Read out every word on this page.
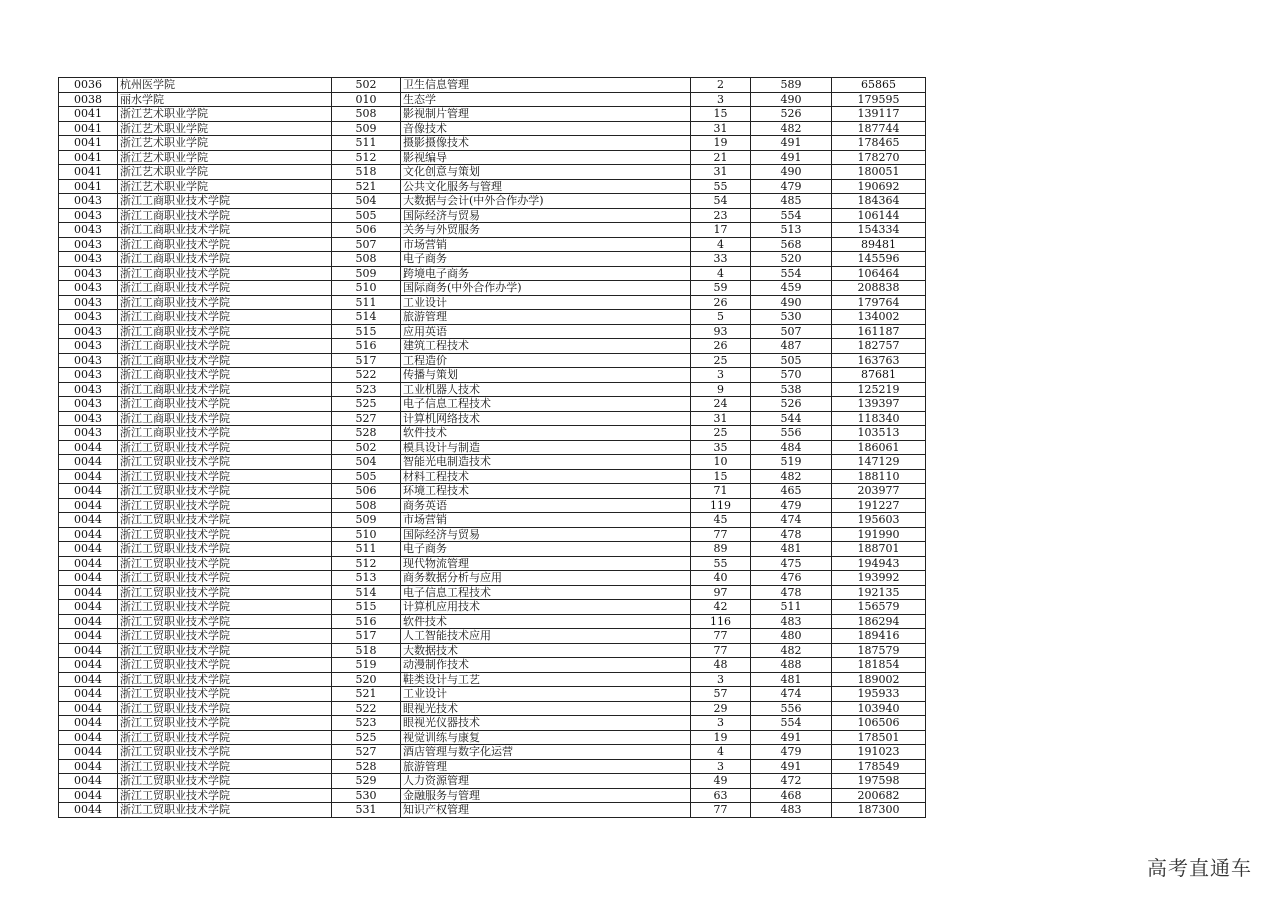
0036	杭州医学院	502	卫生信息管理	2	589	65865
0038	丽水学院	010	生态学	3	490	179595
0041	浙江艺术职业学院	508	影视制片管理	15	526	139117
0041	浙江艺术职业学院	509	音像技术	31	482	187744
0041	浙江艺术职业学院	511	摄影摄像技术	19	491	178465
0041	浙江艺术职业学院	512	影视编导	21	491	178270
0041	浙江艺术职业学院	518	文化创意与策划	31	490	180051
0041	浙江艺术职业学院	521	公共文化服务与管理	55	479	190692
0043	浙江工商职业技术学院	504	大数据与会计(中外合作办学)	54	485	184364
0043	浙江工商职业技术学院	505	国际经济与贸易	23	554	106144
0043	浙江工商职业技术学院	506	关务与外贸服务	17	513	154334
0043	浙江工商职业技术学院	507	市场营销	4	568	89481
0043	浙江工商职业技术学院	508	电子商务	33	520	145596
0043	浙江工商职业技术学院	509	跨境电子商务	4	554	106464
0043	浙江工商职业技术学院	510	国际商务(中外合作办学)	59	459	208838
0043	浙江工商职业技术学院	511	工业设计	26	490	179764
0043	浙江工商职业技术学院	514	旅游管理	5	530	134002
0043	浙江工商职业技术学院	515	应用英语	93	507	161187
0043	浙江工商职业技术学院	516	建筑工程技术	26	487	182757
0043	浙江工商职业技术学院	517	工程造价	25	505	163763
0043	浙江工商职业技术学院	522	传播与策划	3	570	87681
0043	浙江工商职业技术学院	523	工业机器人技术	9	538	125219
0043	浙江工商职业技术学院	525	电子信息工程技术	24	526	139397
0043	浙江工商职业技术学院	527	计算机网络技术	31	544	118340
0043	浙江工商职业技术学院	528	软件技术	25	556	103513
0044	浙江工贸职业技术学院	502	模具设计与制造	35	484	186061
0044	浙江工贸职业技术学院	504	智能光电制造技术	10	519	147129
0044	浙江工贸职业技术学院	505	材料工程技术	15	482	188110
0044	浙江工贸职业技术学院	506	环境工程技术	71	465	203977
0044	浙江工贸职业技术学院	508	商务英语	119	479	191227
0044	浙江工贸职业技术学院	509	市场营销	45	474	195603
0044	浙江工贸职业技术学院	510	国际经济与贸易	77	478	191990
0044	浙江工贸职业技术学院	511	电子商务	89	481	188701
0044	浙江工贸职业技术学院	512	现代物流管理	55	475	194943
0044	浙江工贸职业技术学院	513	商务数据分析与应用	40	476	193992
0044	浙江工贸职业技术学院	514	电子信息工程技术	97	478	192135
0044	浙江工贸职业技术学院	515	计算机应用技术	42	511	156579
0044	浙江工贸职业技术学院	516	软件技术	116	483	186294
0044	浙江工贸职业技术学院	517	人工智能技术应用	77	480	189416
0044	浙江工贸职业技术学院	518	大数据技术	77	482	187579
0044	浙江工贸职业技术学院	519	动漫制作技术	48	488	181854
0044	浙江工贸职业技术学院	520	鞋类设计与工艺	3	481	189002
0044	浙江工贸职业技术学院	521	工业设计	57	474	195933
0044	浙江工贸职业技术学院	522	眼视光技术	29	556	103940
0044	浙江工贸职业技术学院	523	眼视光仪器技术	3	554	106506
0044	浙江工贸职业技术学院	525	视觉训练与康复	19	491	178501
0044	浙江工贸职业技术学院	527	酒店管理与数字化运营	4	479	191023
0044	浙江工贸职业技术学院	528	旅游管理	3	491	178549
0044	浙江工贸职业技术学院	529	人力资源管理	49	472	197598
0044	浙江工贸职业技术学院	530	金融服务与管理	63	468	200682
0044	浙江工贸职业技术学院	531	知识产权管理	77	483	187300
高考直通车
